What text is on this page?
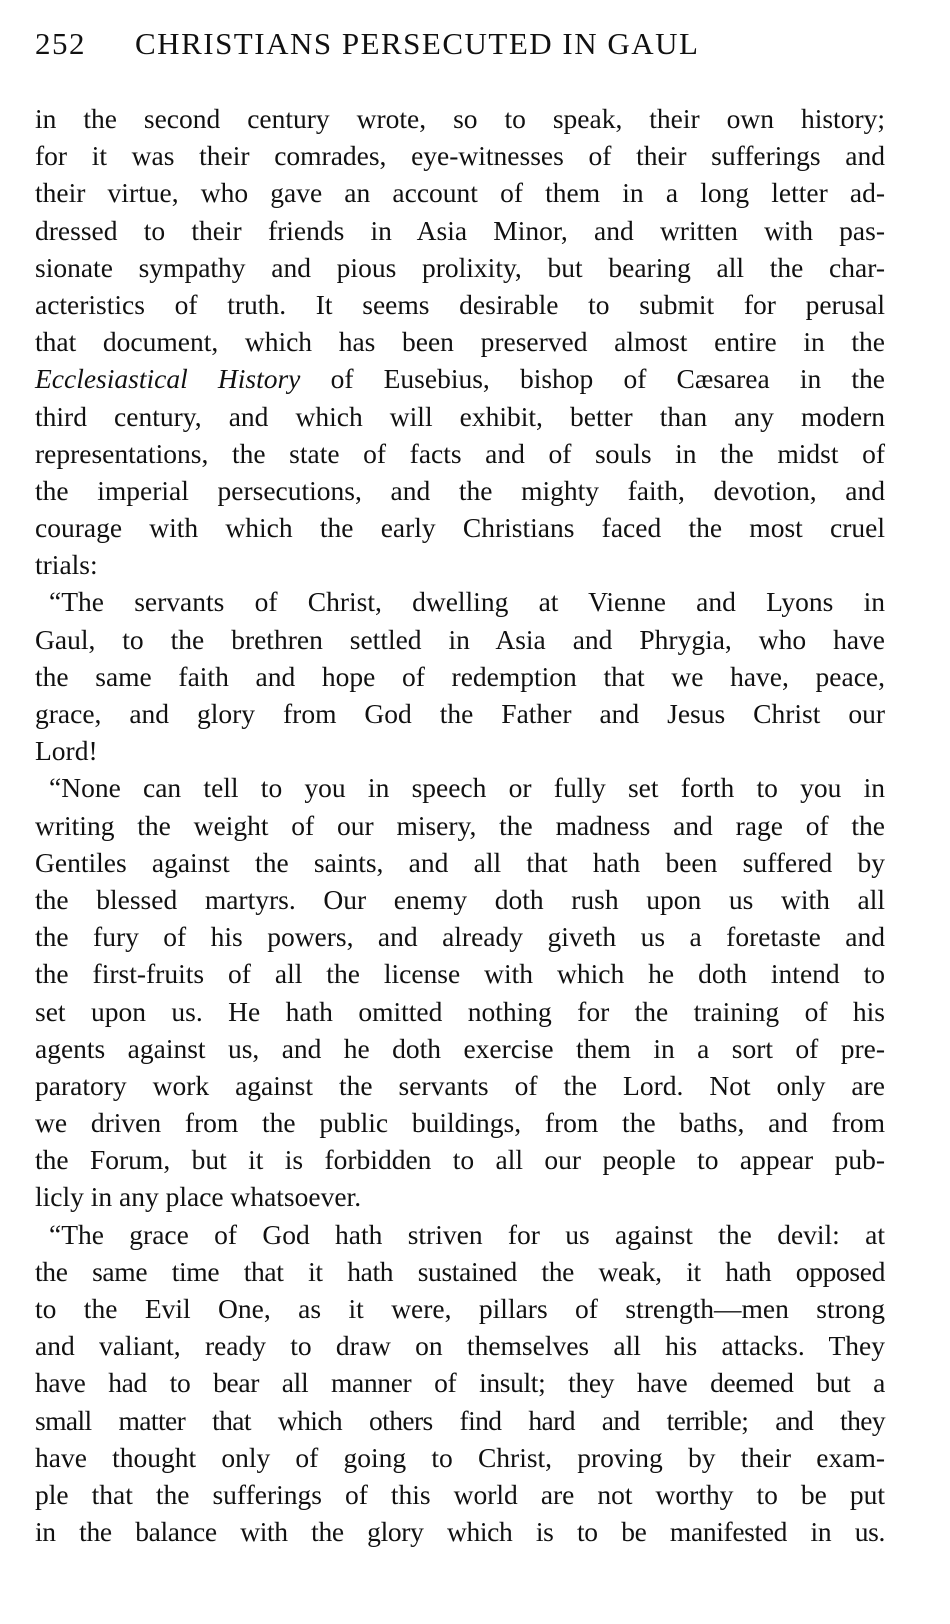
252	CHRISTIANS PERSECUTED IN GAUL
in the second century wrote, so to speak, their own history;
for it was their comrades, eye-witnesses of their sufferings and
their virtue, who gave an account of them in a long letter ad-
dressed to their friends in Asia Minor, and written with pas-
sionate sympathy and pious prolixity, but bearing all the char-
acteristics of truth. It seems desirable to submit for perusal
that document, which has been preserved almost entire in the
Ecclesiastical History of Eusebius, bishop of Cæsarea in the
third century, and which will exhibit, better than any modern
representations, the state of facts and of souls in the midst of
the imperial persecutions, and the mighty faith, devotion, and
courage with which the early Christians faced the most cruel
trials:
“The servants of Christ, dwelling at Vienne and Lyons in
Gaul, to the brethren settled in Asia and Phrygia, who have
the same faith and hope of redemption that we have, peace,
grace, and glory from God the Father and Jesus Christ our
Lord!
“None can tell to you in speech or fully set forth to you in
writing the weight of our misery, the madness and rage of the
Gentiles against the saints, and all that hath been suffered by
the blessed martyrs. Our enemy doth rush upon us with all
the fury of his powers, and already giveth us a foretaste and
the first-fruits of all the license with which he doth intend to
set upon us. He hath omitted nothing for the training of his
agents against us, and he doth exercise them in a sort of pre-
paratory work against the servants of the Lord. Not only are
we driven from the public buildings, from the baths, and from
the Forum, but it is forbidden to all our people to appear pub-
licly in any place whatsoever.
“The grace of God hath striven for us against the devil: at
the same time that it hath sustained the weak, it hath opposed
to the Evil One, as it were, pillars of strength—men strong
and valiant, ready to draw on themselves all his attacks. They
have had to bear all manner of insult; they have deemed but a
small matter that which others find hard and terrible; and they
have thought only of going to Christ, proving by their exam-
ple that the sufferings of this world are not worthy to be put
in the balance with the glory which is to be manifested in us.
